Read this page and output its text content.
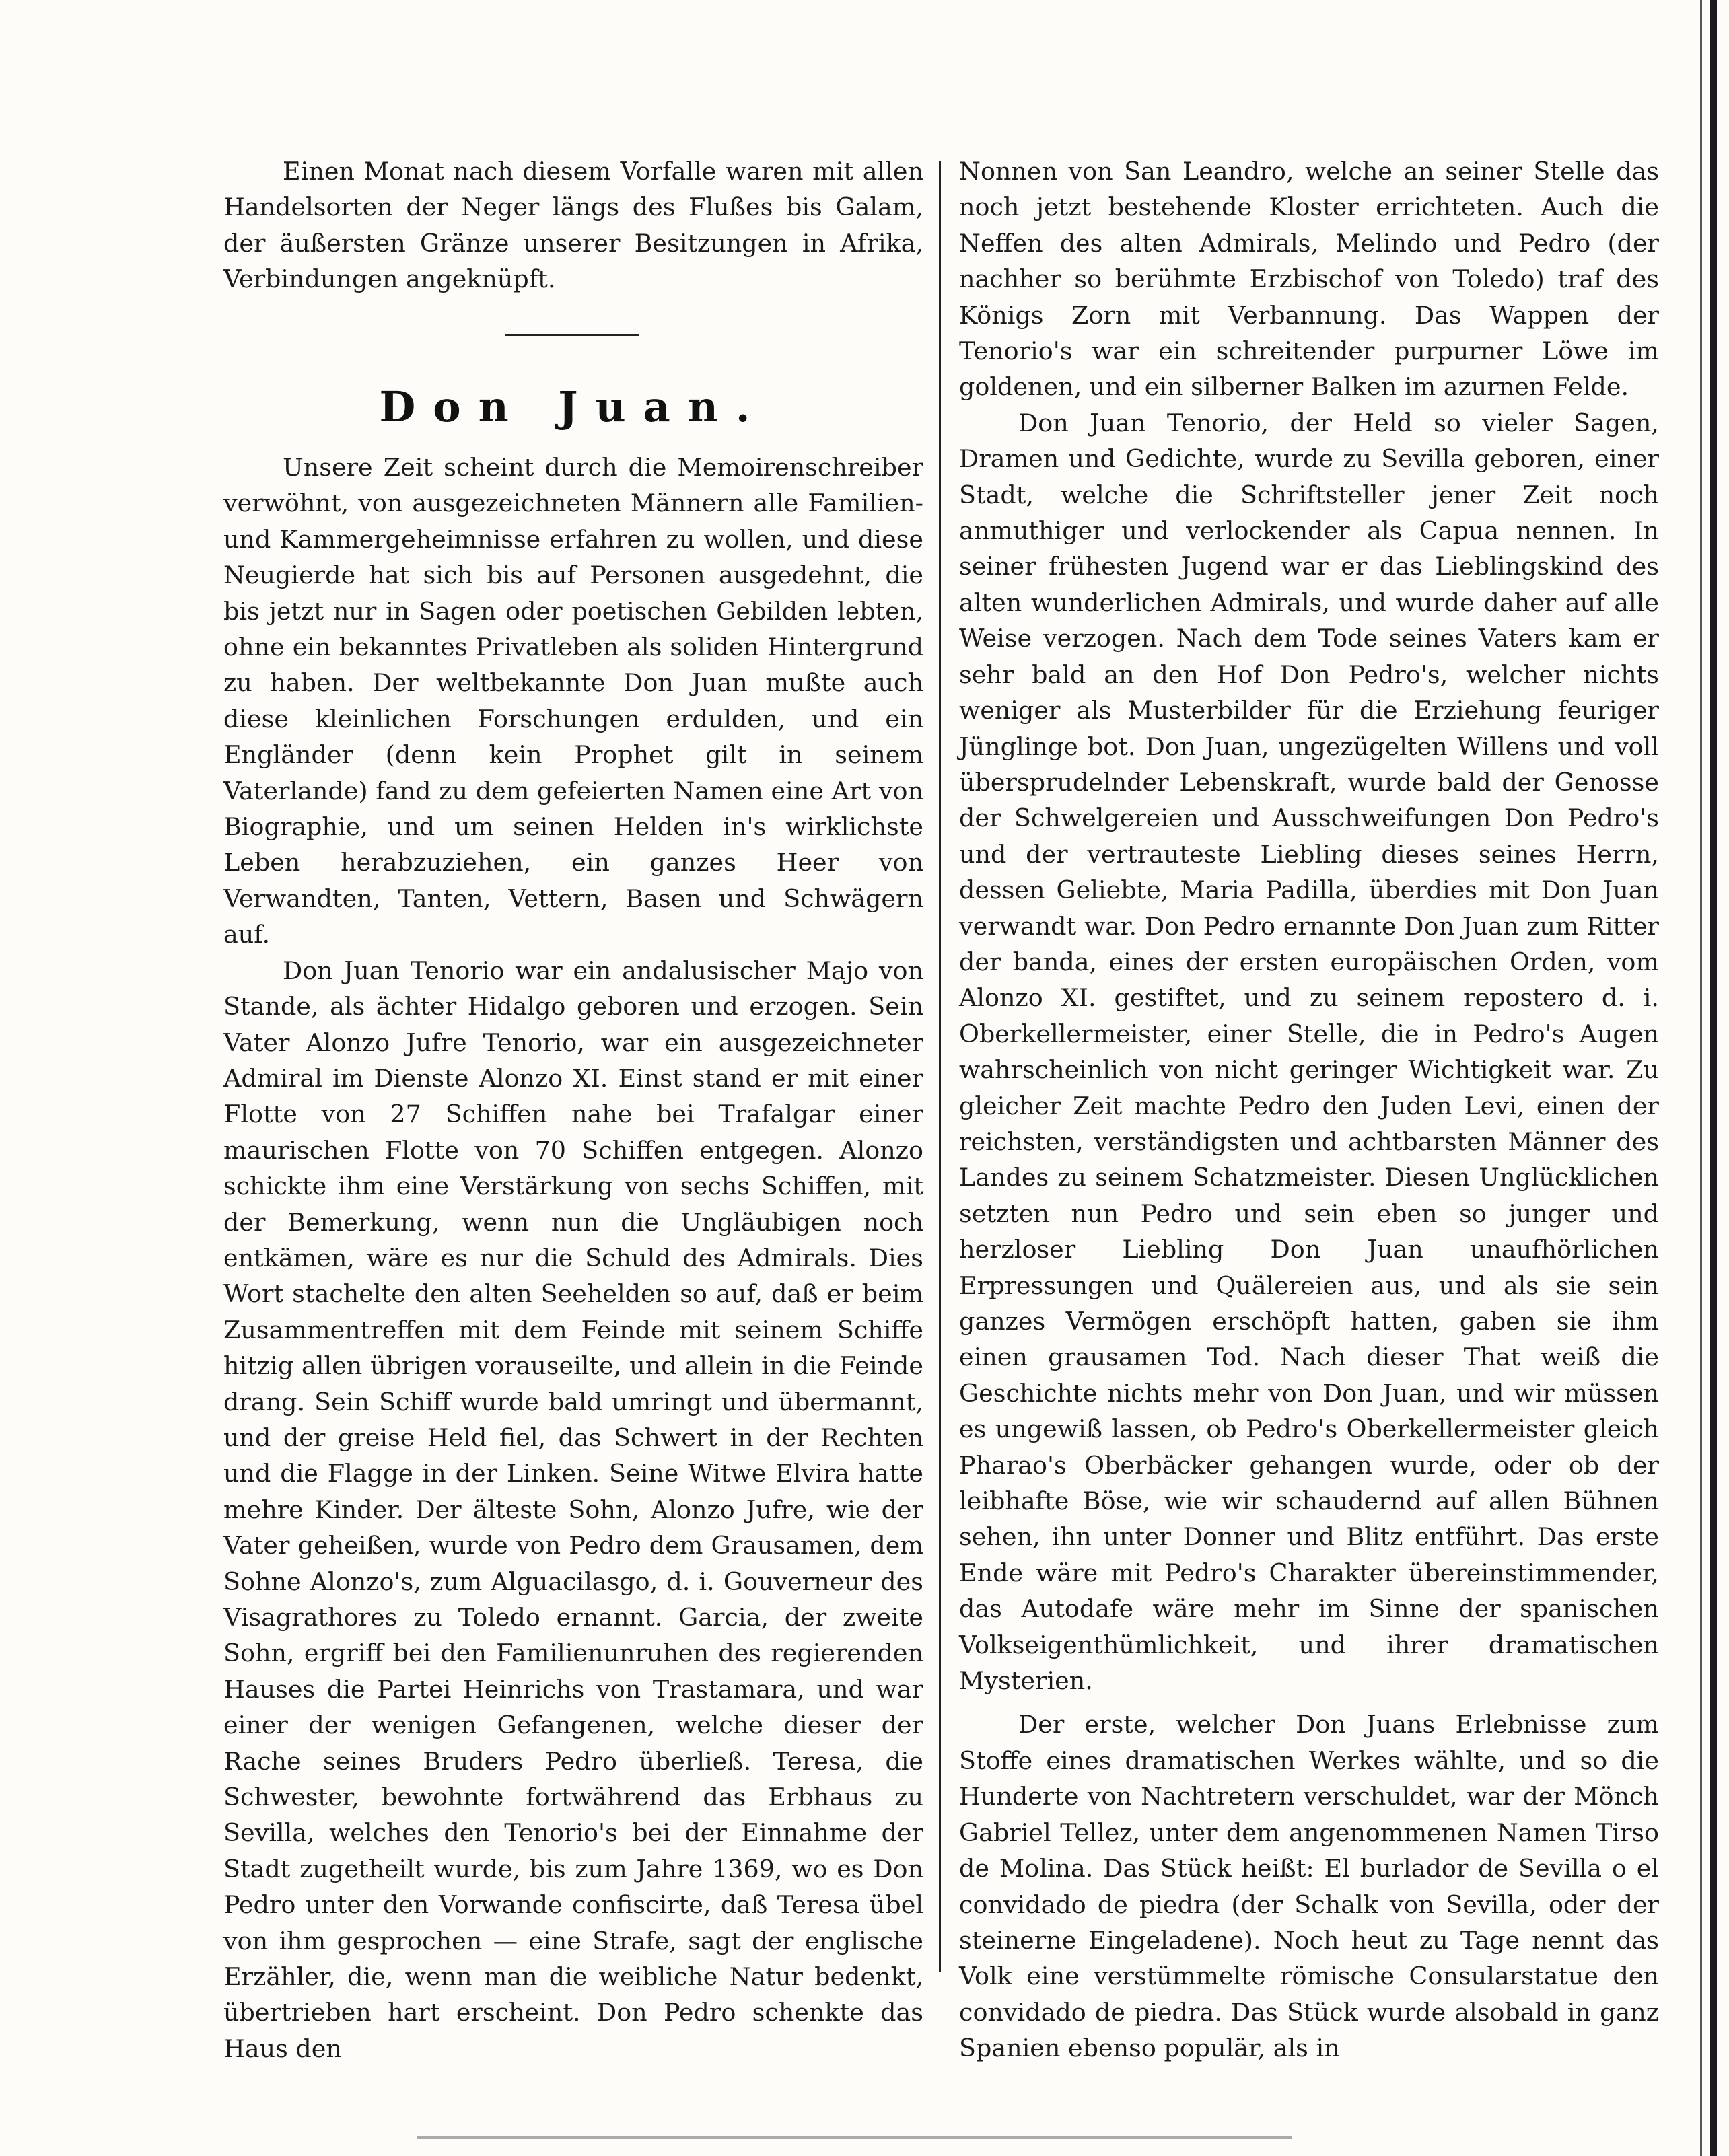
Einen Monat nach diesem Vorfalle waren mit allen Handelsorten der Neger längs des Flußes bis Galam, der äußersten Gränze unserer Besitzungen in Afrika, Verbindungen angeknüpft.

Don Juan.

Unsere Zeit scheint durch die Memoirenschreiber verwöhnt, von ausgezeichneten Männern alle Familien- und Kammergeheimnisse erfahren zu wollen, und diese Neugierde hat sich bis auf Personen ausgedehnt, die bis jetzt nur in Sagen oder poetischen Gebilden lebten, ohne ein bekanntes Privatleben als soliden Hintergrund zu haben. Der weltbekannte Don Juan mußte auch diese kleinlichen Forschungen erdulden, und ein Engländer (denn kein Prophet gilt in seinem Vaterlande) fand zu dem gefeierten Namen eine Art von Biographie, und um seinen Helden in's wirklichste Leben herabzuziehen, ein ganzes Heer von Verwandten, Tanten, Vettern, Basen und Schwägern auf.

Don Juan Tenorio war ein andalusischer Majo von Stande, als ächter Hidalgo geboren und erzogen. Sein Vater Alonzo Jufre Tenorio, war ein ausgezeichneter Admiral im Dienste Alonzo XI. Einst stand er mit einer Flotte von 27 Schiffen nahe bei Trafalgar einer maurischen Flotte von 70 Schiffen entgegen. Alonzo schickte ihm eine Verstärkung von sechs Schiffen, mit der Bemerkung, wenn nun die Ungläubigen noch entkämen, wäre es nur die Schuld des Admirals. Dies Wort stachelte den alten Seehelden so auf, daß er beim Zusammentreffen mit dem Feinde mit seinem Schiffe hitzig allen übrigen vorauseilte, und allein in die Feinde drang. Sein Schiff wurde bald umringt und übermannt, und der greise Held fiel, das Schwert in der Rechten und die Flagge in der Linken. Seine Witwe Elvira hatte mehre Kinder. Der älteste Sohn, Alonzo Jufre, wie der Vater geheißen, wurde von Pedro dem Grausamen, dem Sohne Alonzo's, zum Alguacilasgo, d. i. Gouverneur des Visagrathores zu Toledo ernannt. Garcia, der zweite Sohn, ergriff bei den Familienunruhen des regierenden Hauses die Partei Heinrichs von Trastamara, und war einer der wenigen Gefangenen, welche dieser der Rache seines Bruders Pedro überließ. Teresa, die Schwester, bewohnte fortwährend das Erbhaus zu Sevilla, welches den Tenorio's bei der Einnahme der Stadt zugetheilt wurde, bis zum Jahre 1369, wo es Don Pedro unter den Vorwande confiscirte, daß Teresa übel von ihm gesprochen — eine Strafe, sagt der englische Erzähler, die, wenn man die weibliche Natur bedenkt, übertrieben hart erscheint. Don Pedro schenkte das Haus den

Nonnen von San Leandro, welche an seiner Stelle das noch jetzt bestehende Kloster errichteten. Auch die Neffen des alten Admirals, Melindo und Pedro (der nachher so berühmte Erzbischof von Toledo) traf des Königs Zorn mit Verbannung. Das Wappen der Tenorio's war ein schreitender purpurner Löwe im goldenen, und ein silberner Balken im azurnen Felde.

Don Juan Tenorio, der Held so vieler Sagen, Dramen und Gedichte, wurde zu Sevilla geboren, einer Stadt, welche die Schriftsteller jener Zeit noch anmuthiger und verlockender als Capua nennen. In seiner frühesten Jugend war er das Lieblingskind des alten wunderlichen Admirals, und wurde daher auf alle Weise verzogen. Nach dem Tode seines Vaters kam er sehr bald an den Hof Don Pedro's, welcher nichts weniger als Musterbilder für die Erziehung feuriger Jünglinge bot. Don Juan, ungezügelten Willens und voll übersprudelnder Lebenskraft, wurde bald der Genosse der Schwelgereien und Ausschweifungen Don Pedro's und der vertrauteste Liebling dieses seines Herrn, dessen Geliebte, Maria Padilla, überdies mit Don Juan verwandt war. Don Pedro ernannte Don Juan zum Ritter der banda, eines der ersten europäischen Orden, vom Alonzo XI. gestiftet, und zu seinem repostero d. i. Oberkellermeister, einer Stelle, die in Pedro's Augen wahrscheinlich von nicht geringer Wichtigkeit war. Zu gleicher Zeit machte Pedro den Juden Levi, einen der reichsten, verständigsten und achtbarsten Männer des Landes zu seinem Schatzmeister. Diesen Unglücklichen setzten nun Pedro und sein eben so junger und herzloser Liebling Don Juan unaufhörlichen Erpressungen und Quälereien aus, und als sie sein ganzes Vermögen erschöpft hatten, gaben sie ihm einen grausamen Tod. Nach dieser That weiß die Geschichte nichts mehr von Don Juan, und wir müssen es ungewiß lassen, ob Pedro's Oberkellermeister gleich Pharao's Oberbäcker gehangen wurde, oder ob der leibhafte Böse, wie wir schaudernd auf allen Bühnen sehen, ihn unter Donner und Blitz entführt. Das erste Ende wäre mit Pedro's Charakter übereinstimmender, das Autodafe wäre mehr im Sinne der spanischen Volkseigenthümlichkeit, und ihrer dramatischen Mysterien.

Der erste, welcher Don Juans Erlebnisse zum Stoffe eines dramatischen Werkes wählte, und so die Hunderte von Nachtretern verschuldet, war der Mönch Gabriel Tellez, unter dem angenommenen Namen Tirso de Molina. Das Stück heißt: El burlador de Sevilla o el convidado de piedra (der Schalk von Sevilla, oder der steinerne Eingeladene). Noch heut zu Tage nennt das Volk eine verstümmelte römische Consularstatue den convidado de piedra. Das Stück wurde alsobald in ganz Spanien ebenso populär, als in
